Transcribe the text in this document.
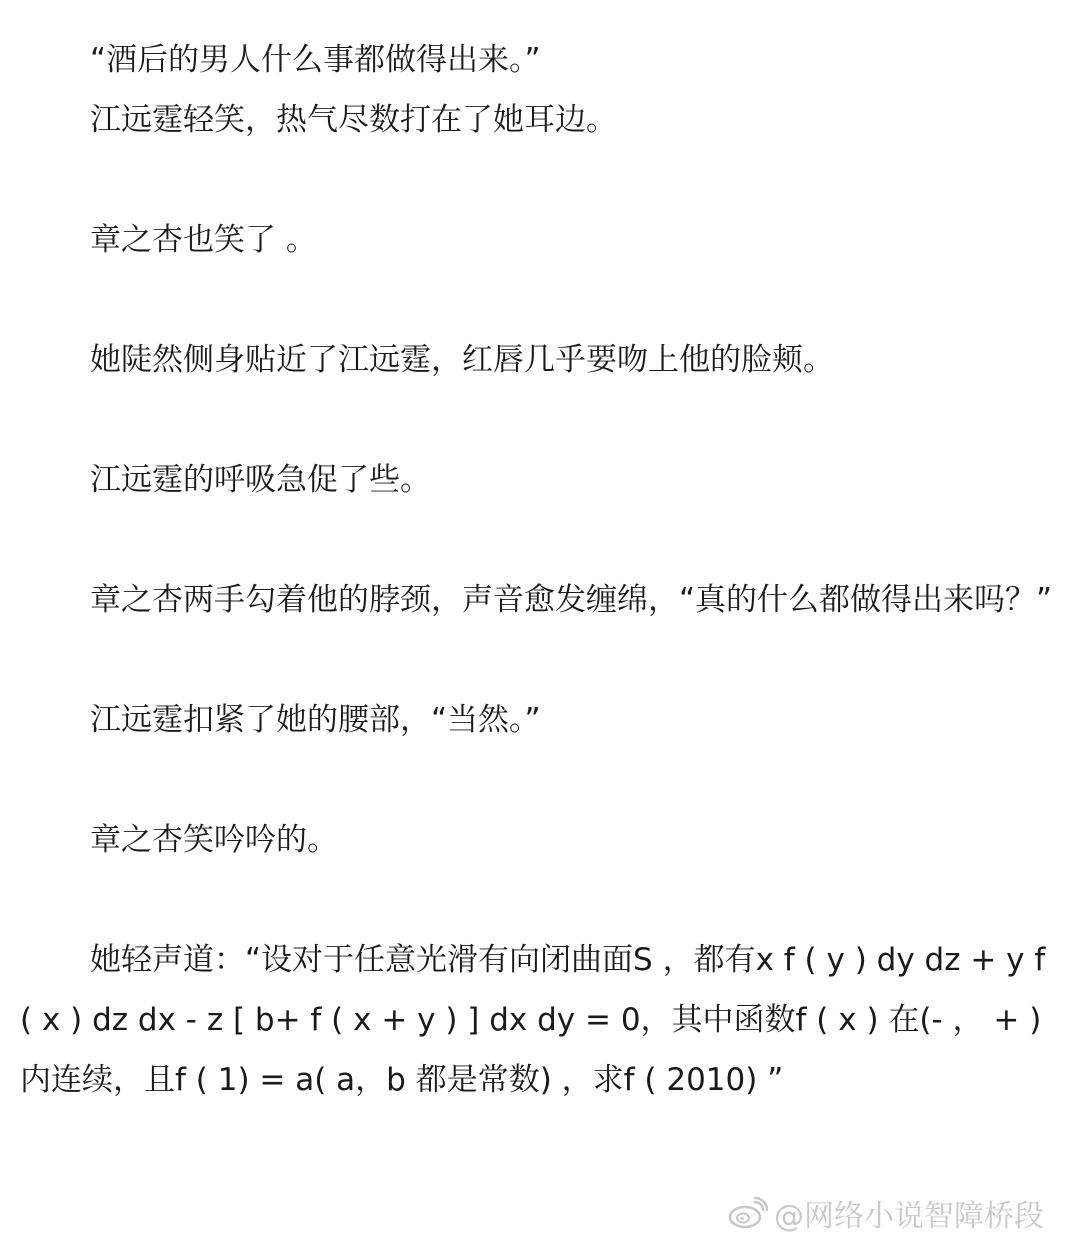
“酒后的男人什么事都做得出来。”

江远霆轻笑，热气尽数打在了她耳边。

章之杏也笑了 。

她陡然侧身贴近了江远霆，红唇几乎要吻上他的脸颊。

江远霆的呼吸急促了些。

章之杏两手勾着他的脖颈，声音愈发缠绵，“真的什么都做得出来吗？”

江远霆扣紧了她的腰部，“当然。”

章之杏笑吟吟的。

她轻声道：“设对于任意光滑有向闭曲面S ，都有x f ( y ) dy dz + y f ( x ) dz dx - z [ b+ f ( x + y ) ] dx dy = 0，其中函数f ( x ) 在(- ， + ) 内连续，且f ( 1) = a( a，b 都是常数) ，求f ( 2010) ”

@网络小说智障桥段
